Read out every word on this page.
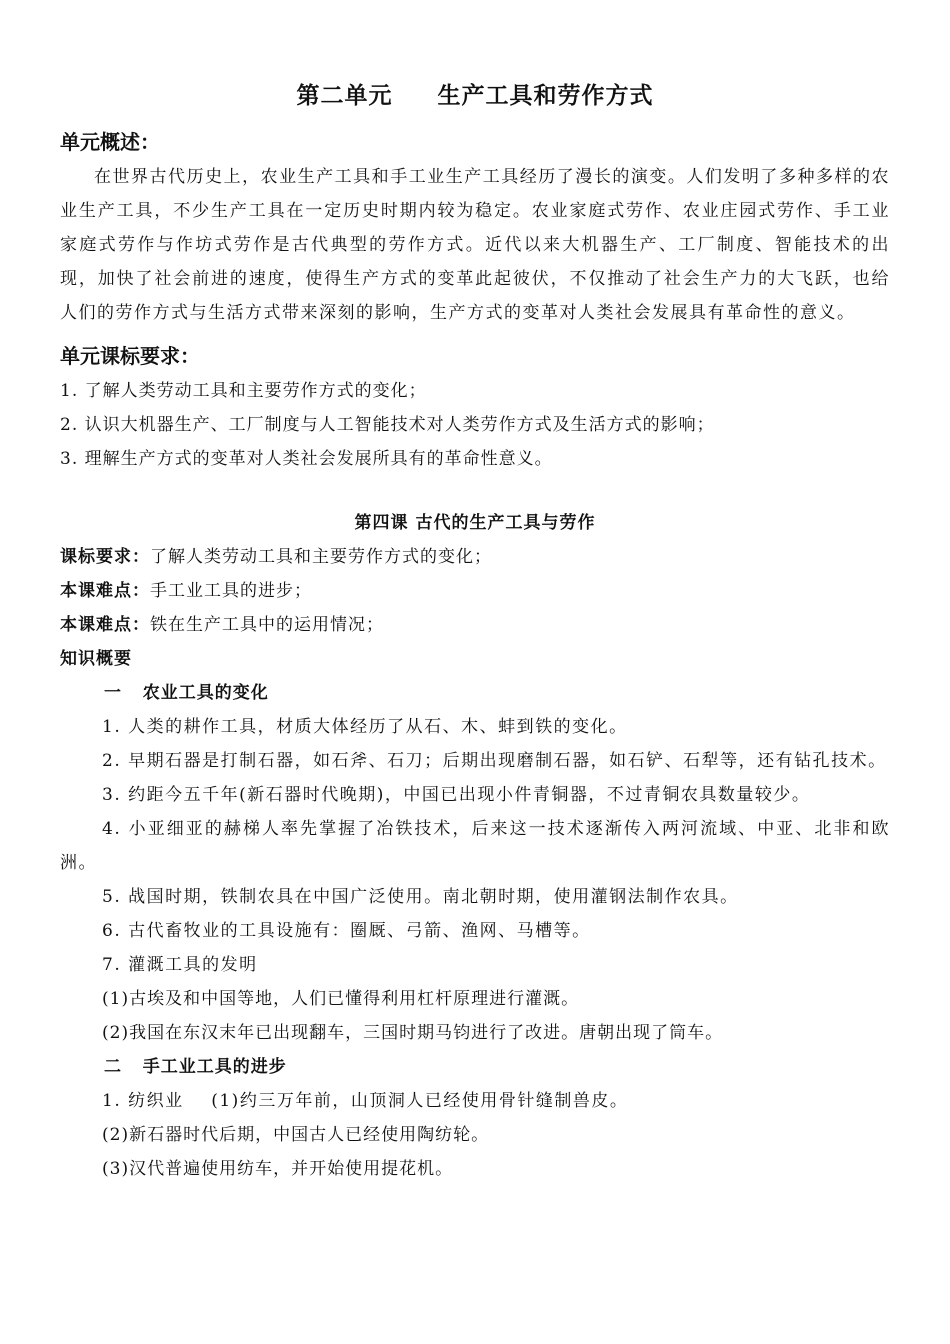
第二单元     生产工具和劳作方式
单元概述：
在世界古代历史上，农业生产工具和手工业生产工具经历了漫长的演变。人们发明了多种多样的农业生产工具，不少生产工具在一定历史时期内较为稳定。农业家庭式劳作、农业庄园式劳作、手工业家庭式劳作与作坊式劳作是古代典型的劳作方式。近代以来大机器生产、工厂制度、智能技术的出现，加快了社会前进的速度，使得生产方式的变革此起彼伏，不仅推动了社会生产力的大飞跃，也给人们的劳作方式与生活方式带来深刻的影响，生产方式的变革对人类社会发展具有革命性的意义。
单元课标要求：
1. 了解人类劳动工具和主要劳作方式的变化；
2. 认识大机器生产、工厂制度与人工智能技术对人类劳作方式及生活方式的影响；
3. 理解生产方式的变革对人类社会发展所具有的革命性意义。
第四课 古代的生产工具与劳作
课标要求：了解人类劳动工具和主要劳作方式的变化；
本课难点：手工业工具的进步；
本课难点：铁在生产工具中的运用情况；
知识概要
一   农业工具的变化
1. 人类的耕作工具，材质大体经历了从石、木、蚌到铁的变化。
2. 早期石器是打制石器，如石斧、石刀；后期出现磨制石器，如石铲、石犁等，还有钻孔技术。
3. 约距今五千年(新石器时代晚期)，中国已出现小件青铜器，不过青铜农具数量较少。
4. 小亚细亚的赫梯人率先掌握了冶铁技术，后来这一技术逐渐传入两河流域、中亚、北非和欧洲。
5. 战国时期，铁制农具在中国广泛使用。南北朝时期，使用灌钢法制作农具。
6. 古代畜牧业的工具设施有：圈厩、弓箭、渔网、马槽等。
7. 灌溉工具的发明
(1)古埃及和中国等地，人们已懂得利用杠杆原理进行灌溉。
(2)我国在东汉末年已出现翻车，三国时期马钧进行了改进。唐朝出现了筒车。
二   手工业工具的进步
1. 纺织业    (1)约三万年前，山顶洞人已经使用骨针缝制兽皮。
(2)新石器时代后期，中国古人已经使用陶纺轮。
(3)汉代普遍使用纺车，并开始使用提花机。
